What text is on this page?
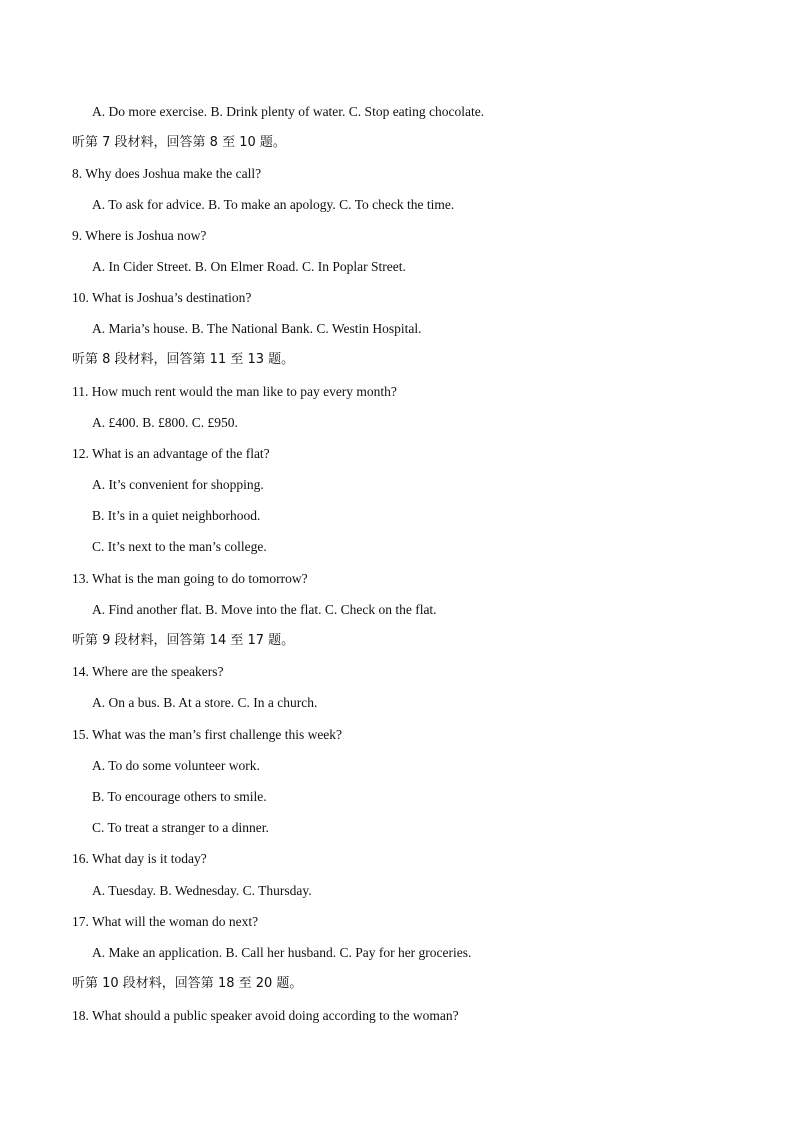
A. Do more exercise. B. Drink plenty of water. C. Stop eating chocolate.
听第 7 段材料，回答第 8 至 10 题。
8. Why does Joshua make the call?
A. To ask for advice. B. To make an apology. C. To check the time.
9. Where is Joshua now?
A. In Cider Street. B. On Elmer Road. C. In Poplar Street.
10. What is Joshua’s destination?
A. Maria’s house. B. The National Bank. C. Westin Hospital.
听第 8 段材料，回答第 11 至 13 题。
11. How much rent would the man like to pay every month?
A. £400. B. £800. C. £950.
12. What is an advantage of the flat?
A. It’s convenient for shopping.
B. It’s in a quiet neighborhood.
C. It’s next to the man’s college.
13. What is the man going to do tomorrow?
A. Find another flat. B. Move into the flat. C. Check on the flat.
听第 9 段材料，回答第 14 至 17 题。
14. Where are the speakers?
A. On a bus. B. At a store. C. In a church.
15. What was the man’s first challenge this week?
A. To do some volunteer work.
B. To encourage others to smile.
C. To treat a stranger to a dinner.
16. What day is it today?
A. Tuesday. B. Wednesday. C. Thursday.
17. What will the woman do next?
A. Make an application. B. Call her husband. C. Pay for her groceries.
听第 10 段材料，回答第 18 至 20 题。
18. What should a public speaker avoid doing according to the woman?
